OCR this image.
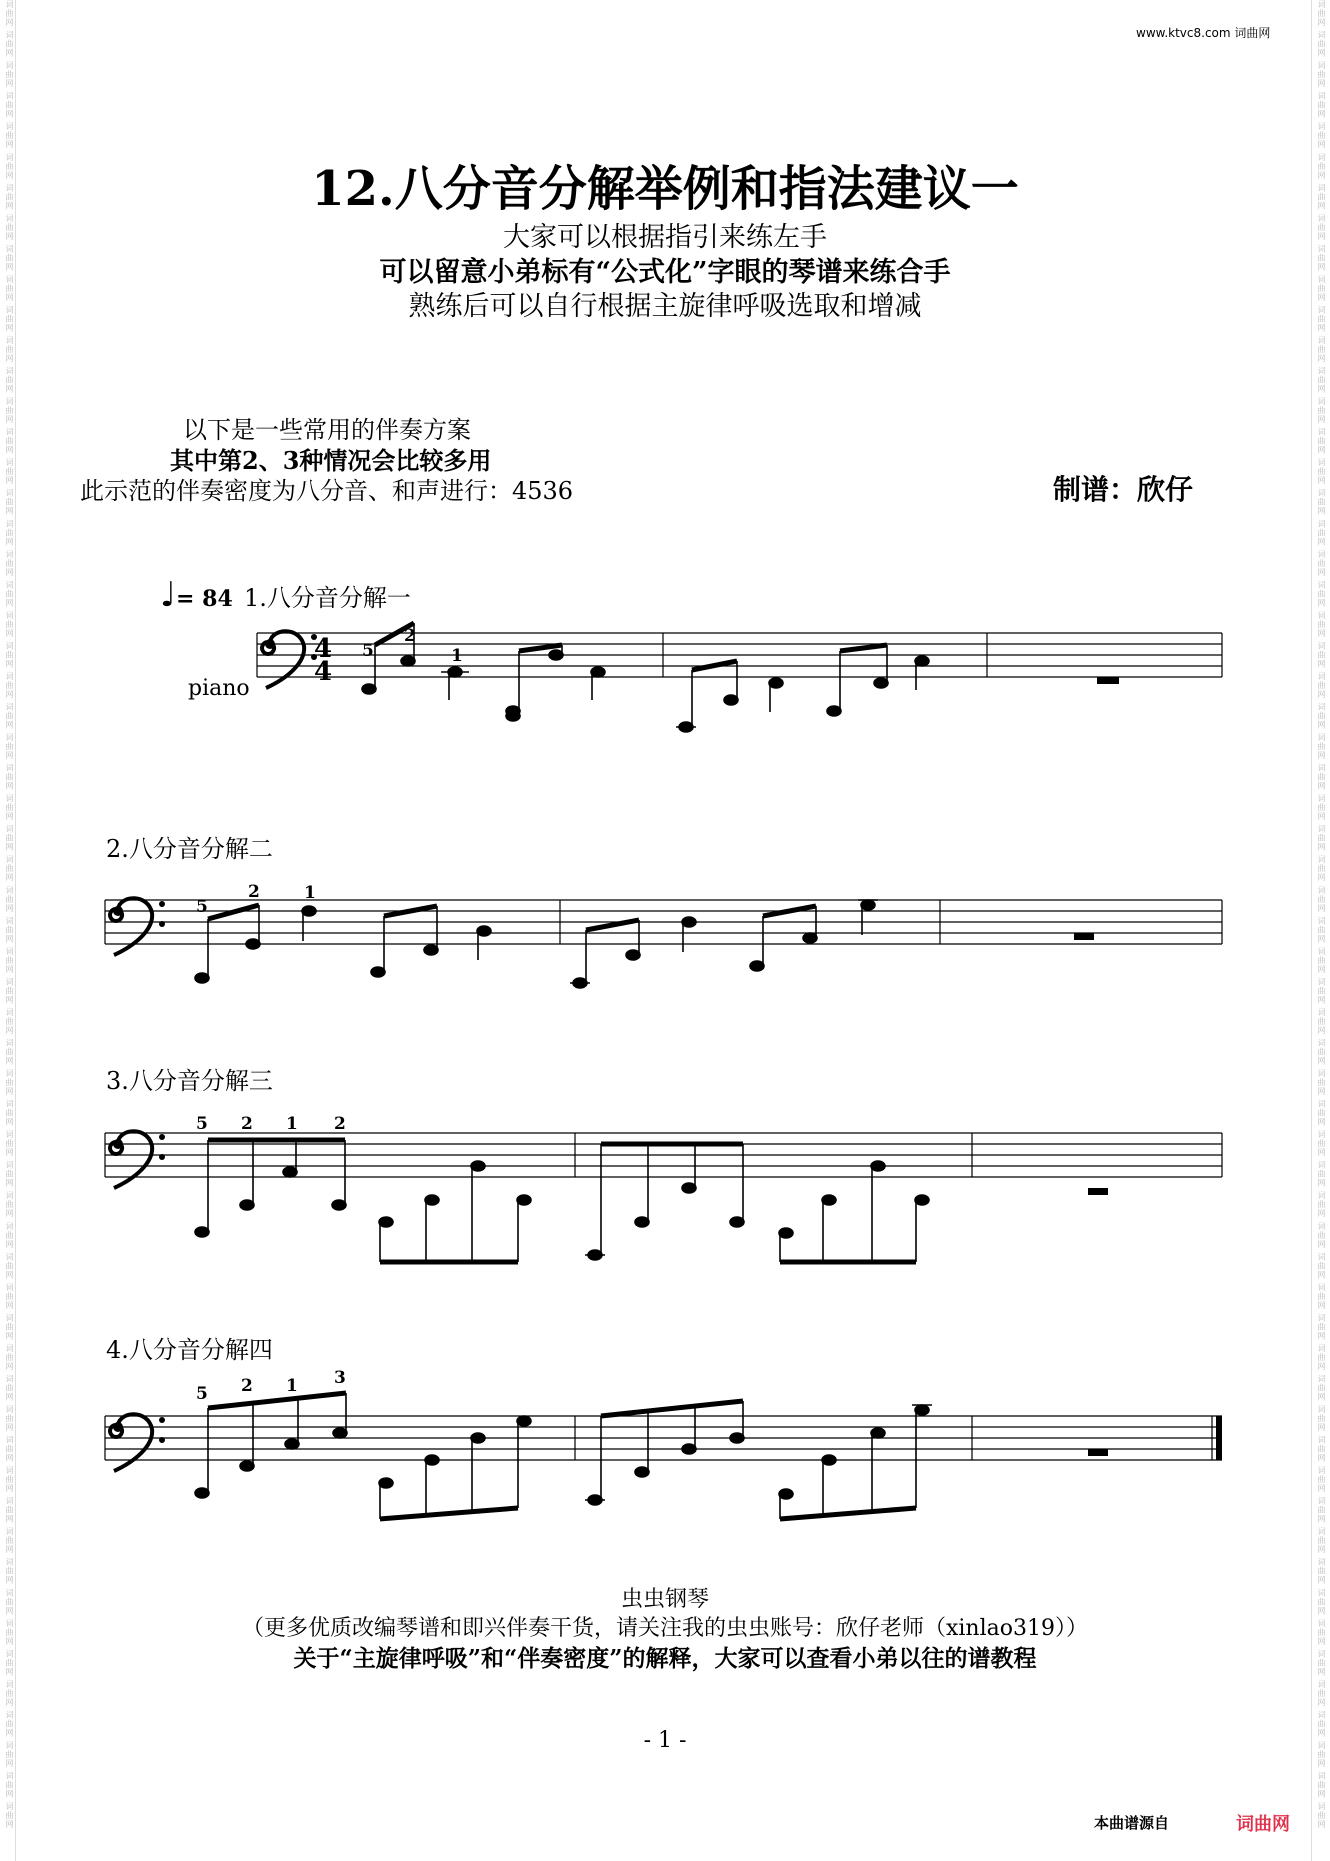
词曲网 词曲网 词曲网 词曲网 词曲网 词曲网 词曲网 词曲网 词曲网 词曲网 词曲网 词曲网 词曲网 词曲网 词曲网 词曲网 词曲网 词曲网 词曲网 词曲网 词曲网 词曲网 词曲网 词曲网 词曲网 词曲网 词曲网 词曲网 词曲网 词曲网 词曲网 词曲网 词曲网 词曲网 词曲网 词曲网 词曲网 词曲网 词曲网 词曲网 词曲网 词曲网 词曲网 词曲网 词曲网 词曲网 词曲网 词曲网 词曲网 词曲网 词曲网 词曲网 词曲网 词曲网 词曲网 词曲网 词曲网 词曲网 词曲网 词曲网	词曲网 词曲网 词曲网 词曲网 词曲网 词曲网 词曲网 词曲网 词曲网 词曲网 词曲网 词曲网 词曲网 词曲网 词曲网 词曲网 词曲网 词曲网 词曲网 词曲网 词曲网 词曲网 词曲网 词曲网 词曲网 词曲网 词曲网 词曲网 词曲网 词曲网 词曲网 词曲网 词曲网 词曲网 词曲网 词曲网 词曲网 词曲网 词曲网 词曲网 词曲网 词曲网 词曲网 词曲网 词曲网 词曲网 词曲网 词曲网 词曲网 词曲网 词曲网 词曲网 词曲网 词曲网 词曲网 词曲网 词曲网 词曲网 词曲网 词曲网
www.ktvc8.com 词曲网
12.八分音分解举例和指法建议一
大家可以根据指引来练左手
可以留意小弟标有“公式化”字眼的琴谱来练合手
熟练后可以自行根据主旋律呼吸选取和增减
以下是一些常用的伴奏方案
其中第2、3种情况会比较多用
此示范的伴奏密度为八分音、和声进行：4536	制谱：欣仔
♩= 84 1.八分音分解一
piano
2.八分音分解二
3.八分音分解三
4.八分音分解四
4
4
5
2
1
5
2	1
5 2 1 2
5 2 1 3
虫虫钢琴
（更多优质改编琴谱和即兴伴奏干货，请关注我的虫虫账号：欣仔老师（xinlao319））
关于“主旋律呼吸”和“伴奏密度”的解释，大家可以查看小弟以往的谱教程
- 1 -
本曲谱源自	词曲网
